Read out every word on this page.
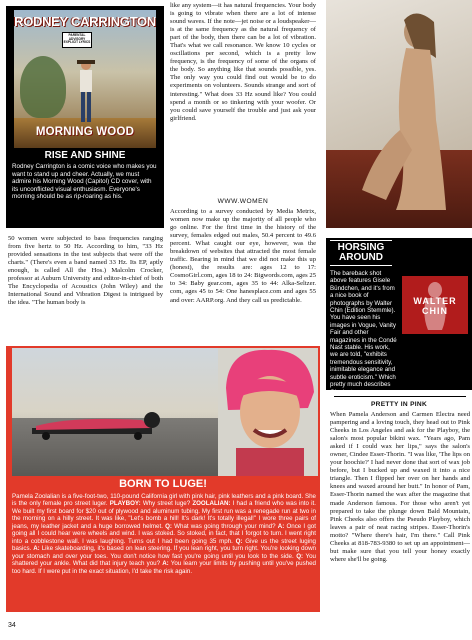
RODNEY CARRINGTON
PARENTAL ADVISORY EXPLICIT LYRICS
MORNING WOOD
RISE AND SHINE
Rodney Carrington is a comic voice who makes you want to stand up and cheer. Actually, we must admire his Morning Wood (Capitol) CD cover, with its unconflicted visual enthusiasm. Everyone's morning should be as rip-roaring as his.
50 women were subjected to bass frequencies ranging from five hertz to 50 Hz. According to him, "33 Hz provided sensations in the test subjects that were off the charts." (There's even a band named 33 Hz. Its EP, aptly enough, is called All the Hos.) Malcolm Crocker, professor at Auburn University and editor-in-chief of both The Encyclopedia of Acoustics (John Wiley) and the International Sound and Vibration Digest is intrigued by the idea. "The human body is
like any system—it has natural frequencies. Your body is going to vibrate when there are a lot of intense sound waves. If the note—jet noise or a loudspeaker—is at the same frequency as the natural frequency of part of the body, then there can be a lot of vibration. That's what we call resonance. We know 10 cycles or oscillations per second, which is a pretty low frequency, is the frequency of some of the organs of the body. So anything like that sounds possible, yes. The only way you could find out would be to do experiments on volunteers. Sounds strange and sort of interesting." What does 33 Hz sound like? You could spend a month or so tinkering with your woofer. Or you could save yourself the trouble and just ask your girlfriend.
WWW.WOMEN
According to a survey conducted by Media Metrix, women now make up the majority of all people who go online. For the first time in the history of the survey, females edged out males, 50.4 percent to 49.6 percent. What caught our eye, however, was the breakdown of websites that attracted the most female traffic. Bearing in mind that we did not make this up (honest), the results are: ages 12 to 17: CosmoGirl.com, ages 18 to 24: Bigwords.com, ages 25 to 34: Baby gear.com, ages 35 to 44: Alka-Seltzer. com, ages 45 to 54: One hanesplace.com and ages 55 and over: AARP.org. And they call us predictable.
HORSING
AROUND
The bareback shot above features Gisele Bündchen, and it's from a nice book of photographs by Walter Chin (Edition Stemmle). You have seen his images in Vogue, Vanity Fair and other magazines in the Condé Nast stable. His work, we are told, "exhibits tremendous sensitivity, inimitable elegance and subtle eroticism." Which pretty much describes Gisele, too.
WALTER CHIN
PRETTY IN PINK
When Pamela Anderson and Carmen Electra need pampering and a loving touch, they head out to Pink Cheeks in Los Angeles and ask for the Playboy, the salon's most popular bikini wax. "Years ago, Pam asked if I could wax her lips," says the salon's owner, Cindee Esser-Thorin. "I was like, 'The lips on your hoochie?' I had never done that sort of wax job before, but I bucked up and waxed it into a nice triangle. Then I flipped her over on her hands and knees and waxed around her butt." In honor of Pam, Esser-Thorin named the wax after the magazine that made Anderson famous. For those who aren't yet prepared to take the plunge down Bald Mountain, Pink Cheeks also offers the Pseudo Playboy, which leaves a pair of neat racing stripes. Esser-Thorin's motto? "Where there's hair, I'm there." Call Pink Cheeks at 818-783-9380 to set up an appointment—but make sure that you tell your honey exactly where she'll be going.
BORN TO LUGE!
Pamela Zoolalian is a five-foot-two, 110-pound California girl with pink hair, pink leathers and a pink board. She is the only female pro street luger. PLAYBOY: Why street luge? ZOOLALIAN: I had a friend who was into it. We built my first board for $20 out of plywood and aluminum tubing. My first run was a renegade run at two in the morning on a hilly street. It was like, "Let's bomb a hill! It's dark! It's totally illegal!" I wore three pairs of jeans, my leather jacket and a huge borrowed helmet. Q: What was going through your mind? A: Once I got going all I could hear were wheels and wind. I was stoked. So stoked, in fact, that I forgot to turn. I went right into a cobblestone wall. I was laughing. Turns out I had been going 35 mph. Q: Give us the street luging basics. A: Like skateboarding, it's based on lean steering. If you lean right, you turn right. You're looking down your stomach and over your toes. You don't notice how fast you're going until you look to the side. Q: You shattered your ankle. What did that injury teach you? A: You learn your limits by pushing until you've pushed too hard. If I were put in the exact situation, I'd take the risk again.
34
